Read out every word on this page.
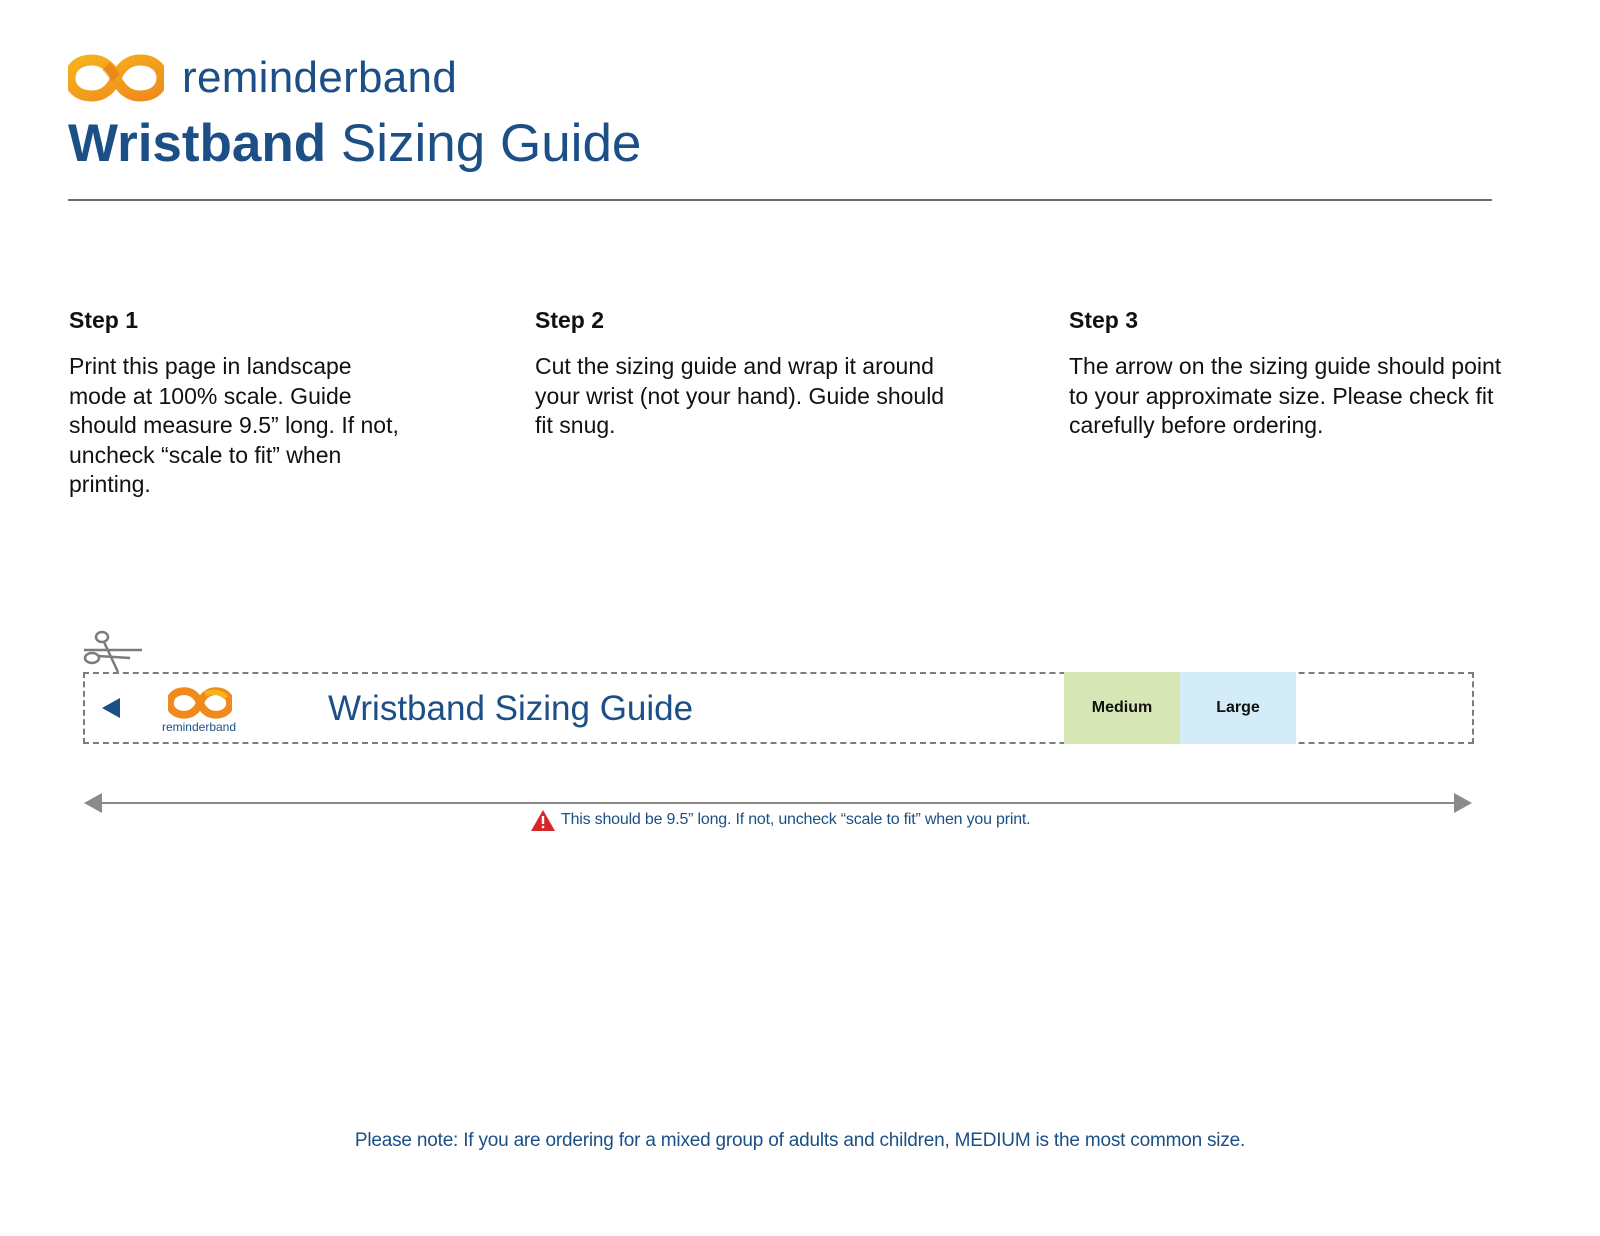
reminderband
Wristband Sizing Guide
Step 1

Print this page in landscape mode at 100% scale. Guide should measure 9.5” long. If not, uncheck “scale to fit” when printing.

Step 2

Cut the sizing guide and wrap it around your wrist (not your hand). Guide should fit snug.

Step 3

The arrow on the sizing guide should point to your approximate size. Please check fit carefully before ordering.

reminderband	Wristband Sizing Guide	Medium	Large
This should be 9.5” long. If not, uncheck “scale to fit” when you print.
Please note: If you are ordering for a mixed group of adults and children, MEDIUM is the most common size.
